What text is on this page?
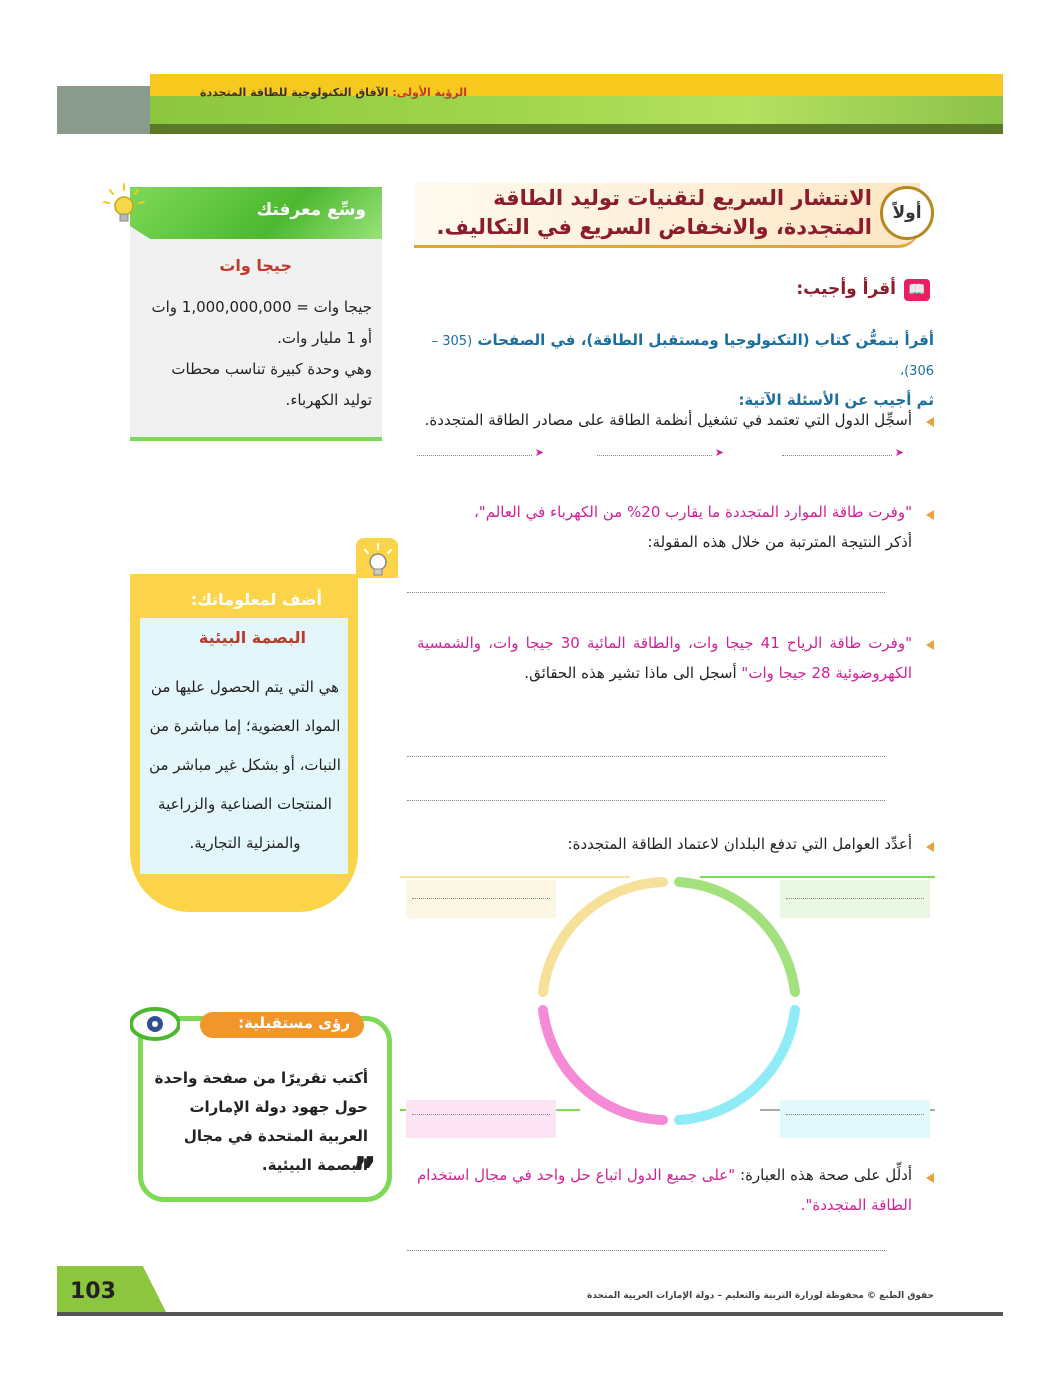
الرؤية الأولى: الآفاق التكنولوجية للطاقة المتجددة
أولاً
الانتشار السريع لتقنيات توليد الطاقة المتجددة، والانخفاض السريع في التكاليف.
📖
أقرأ وأجيب:
أقرأ بتمعُّن كتاب (التكنولوجيا ومستقبل الطاقة)، في الصفحات (305 – 306)،
ثم أجيب عن الأسئلة الآتية:
أسجِّل الدول التي تعتمد في تشغيل أنظمة الطاقة على مصادر الطاقة المتجددة.
➤
➤
➤
"وفرت طاقة الموارد المتجددة ما يقارب 20% من الكهرباء في العالم"،
أذكر النتيجة المترتبة من خلال هذه المقولة:
"وفرت طاقة الرياح 41 جيجا وات، والطاقة المائية 30 جيجا وات، والشمسية الكهروضوئية 28 جيجا وات" أسجل الى ماذا تشير هذه الحقائق.
أعدِّد العوامل التي تدفع البلدان لاعتماد الطاقة المتجددة:
أدلِّل على صحة هذه العبارة: "على جميع الدول اتباع حل واحد في مجال استخدام الطاقة المتجددة".
وسِّع معرفتك
جيجا وات
جيجا وات = 1,000,000,000 وات
أو 1 مليار وات.
وهي وحدة كبيرة تناسب محطات توليد الكهرباء.
أضف لمعلوماتك:
البصمة البيئية
هي التي يتم الحصول عليها من المواد العضوية؛ إما مباشرة من النبات، أو بشكل غير مباشر من المنتجات الصناعية والزراعية والمنزلية التجارية.
رؤى مستقبلية:
أكتب تقريرًا من صفحة واحدة حول جهود دولة الإمارات العربية المتحدة في مجال البصمة البيئية.
”
103	حقوق الطبع © محفوظة لوزارة التربية والتعليم – دولة الإمارات العربية المتحدة
